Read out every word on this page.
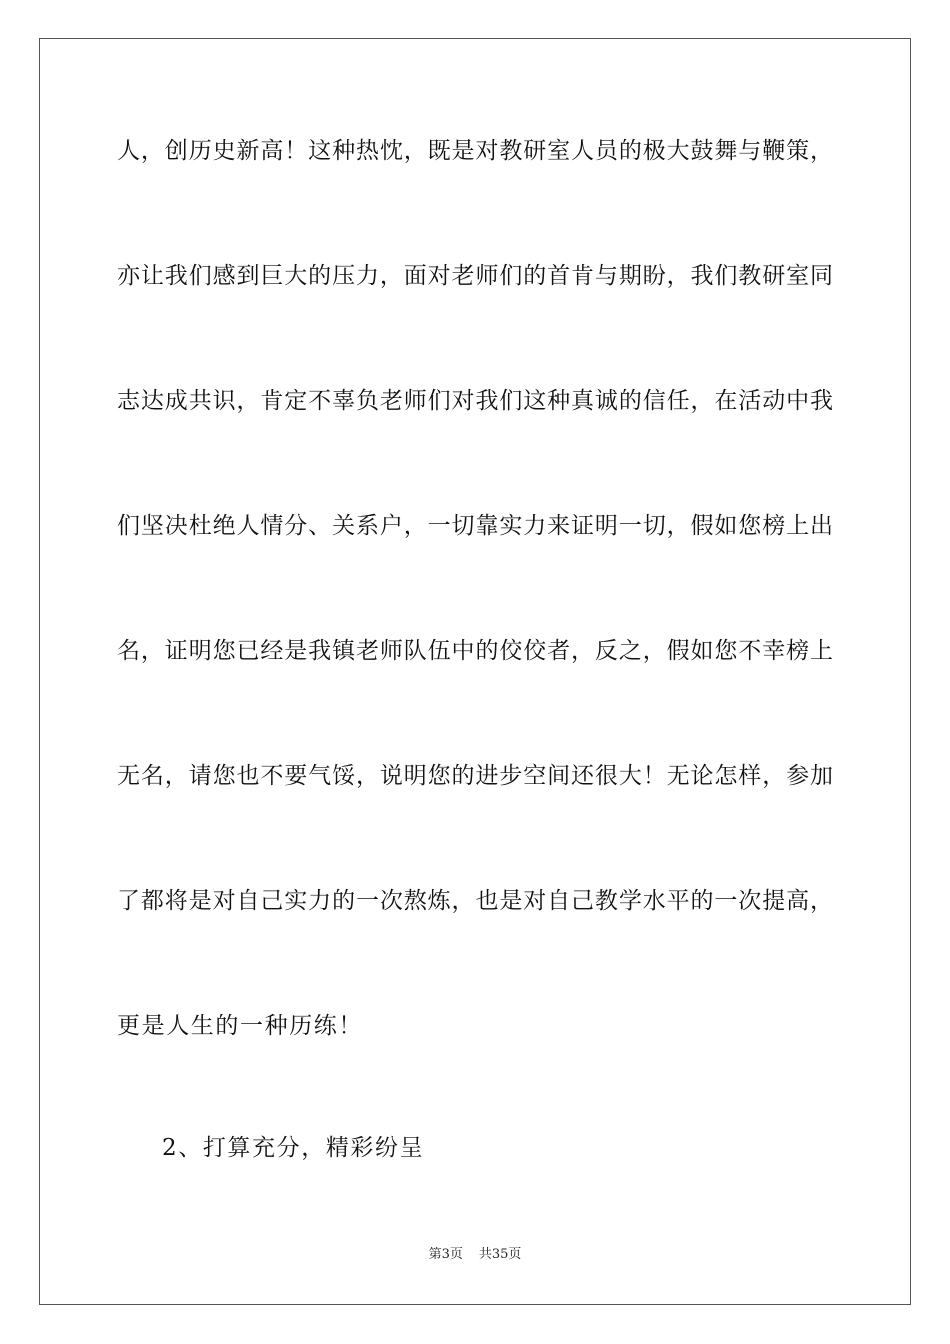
人，创历史新高！这种热忱，既是对教研室人员的极大鼓舞与鞭策，
亦让我们感到巨大的压力，面对老师们的首肯与期盼，我们教研室同
志达成共识，肯定不辜负老师们对我们这种真诚的信任，在活动中我
们坚决杜绝人情分、关系户，一切靠实力来证明一切，假如您榜上出
名，证明您已经是我镇老师队伍中的佼佼者，反之，假如您不幸榜上
无名，请您也不要气馁，说明您的进步空间还很大！无论怎样，参加
了都将是对自己实力的一次熬炼，也是对自己教学水平的一次提高，
更是人生的一种历练！
2、打算充分，精彩纷呈
第3页 共35页
